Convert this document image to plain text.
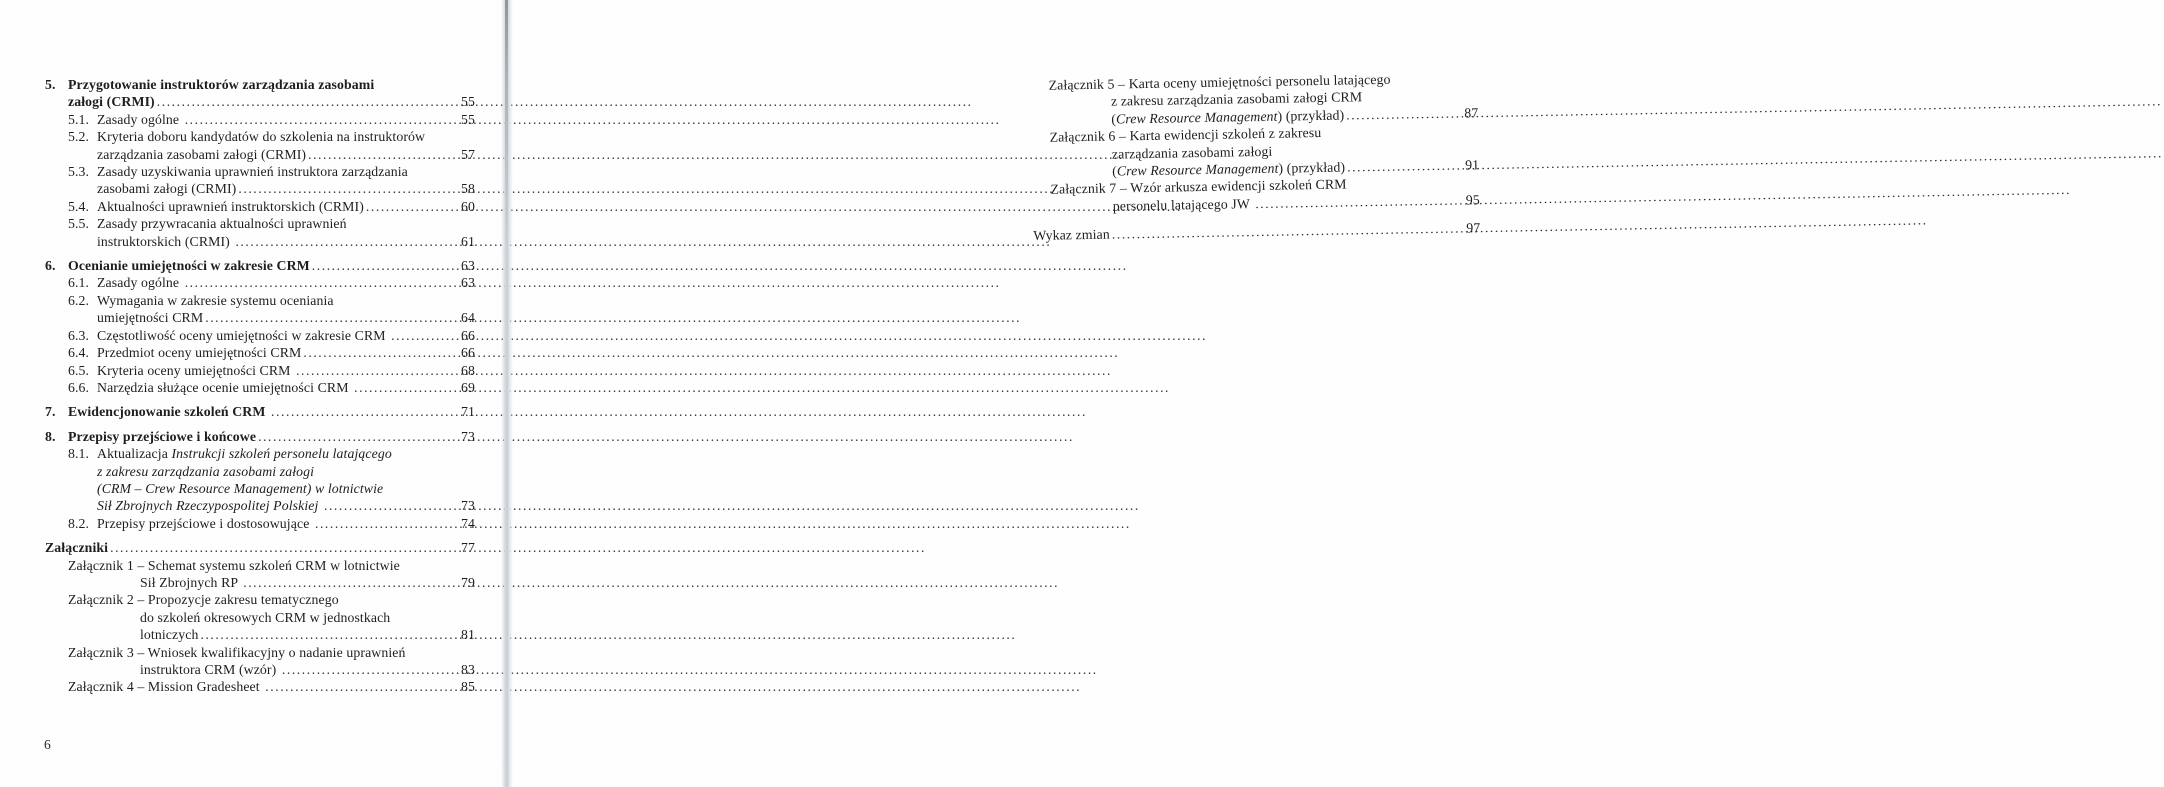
5. Przygotowanie instruktorów zarządzania zasobami
załogi (CRMI) .....	55
5.1. Zasady ogólne .....	55
5.2. Kryteria doboru kandydatów do szkolenia na instruktorów
zarządzania zasobami załogi (CRMI) .....	57
5.3. Zasady uzyskiwania uprawnień instruktora zarządzania
zasobami załogi (CRMI) .....	58
5.4. Aktualności uprawnień instruktorskich (CRMI) .....	60
5.5. Zasady przywracania aktualności uprawnień
instruktorskich (CRMI) .....	61
6. Ocenianie umiejętności w zakresie CRM .....	63
6.1. Zasady ogólne .....	63
6.2. Wymagania w zakresie systemu oceniania
umiejętności CRM .....	64
6.3. Częstotliwość oceny umiejętności w zakresie CRM .....	66
6.4. Przedmiot oceny umiejętności CRM .....	66
6.5. Kryteria oceny umiejętności CRM .....	68
6.6. Narzędzia służące ocenie umiejętności CRM .....	69
7. Ewidencjonowanie szkoleń CRM .....	71
8. Przepisy przejściowe i końcowe .....	73
8.1. Aktualizacja Instrukcji szkoleń personelu latającego
z zakresu zarządzania zasobami załogi
(CRM – Crew Resource Management) w lotnictwie
Sił Zbrojnych Rzeczypospolitej Polskiej .....	73
8.2. Przepisy przejściowe i dostosowujące .....	74
Załączniki .....	77
Załącznik 1 – Schemat systemu szkoleń CRM w lotnictwie
Sił Zbrojnych RP .....	79
Załącznik 2 – Propozycje zakresu tematycznego
do szkoleń okresowych CRM w jednostkach
lotniczych .....	81
Załącznik 3 – Wniosek kwalifikacyjny o nadanie uprawnień
instruktora CRM (wzór) .....	83
Załącznik 4 – Mission Gradesheet .....	85
6
Załącznik 5 – Karta oceny umiejętności personelu latającego
z zakresu zarządzania zasobami załogi CRM
( Crew Resource Management ) (przykład) .....	87
Załącznik 6 – Karta ewidencji szkoleń z zakresu
zarządzania zasobami załogi
( Crew Resource Management ) (przykład) .....	91
Załącznik 7 – Wzór arkusza ewidencji szkoleń CRM
personelu latającego JW .....	95
Wykaz zmian .....	97
